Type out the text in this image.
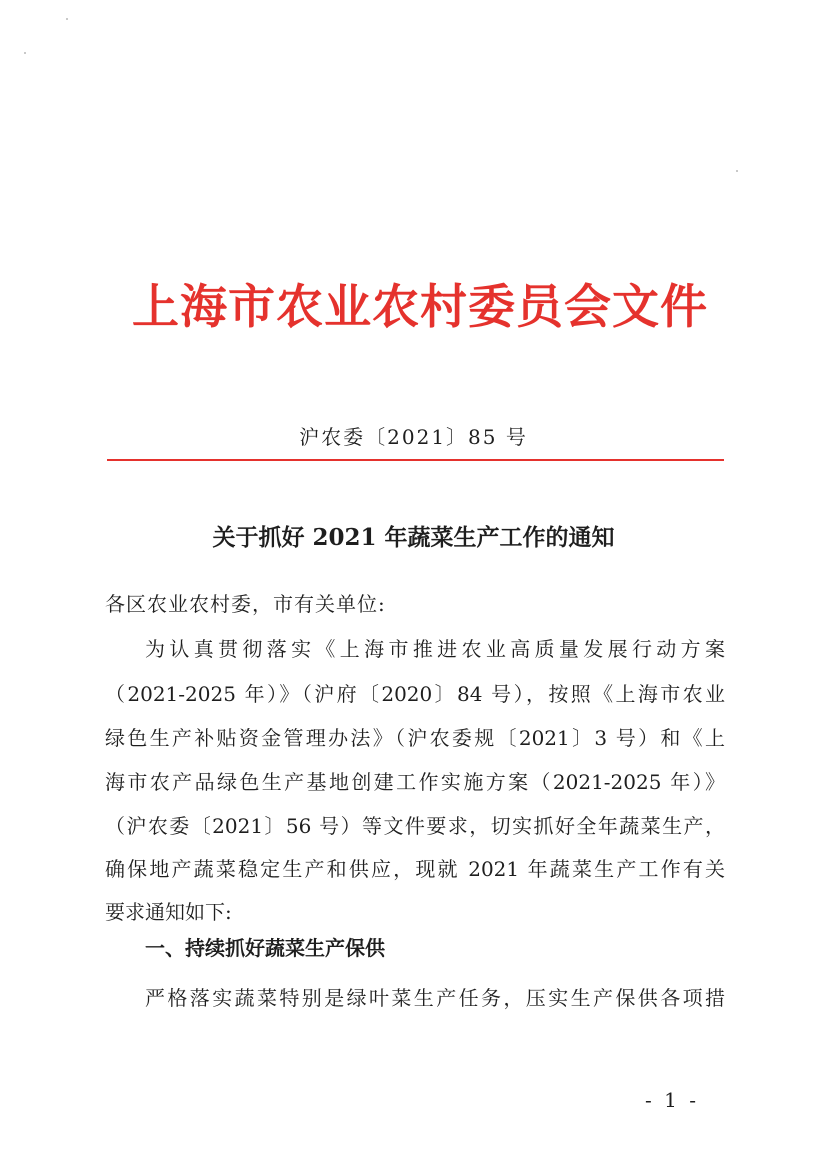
上海市农业农村委员会文件
沪农委〔2021〕85 号
关于抓好 2021 年蔬菜生产工作的通知
各区农业农村委，市有关单位:
为认真贯彻落实《上海市推进农业高质量发展行动方案
（2021-2025 年）》（沪府〔2020〕84 号），按照《上海市农业
绿色生产补贴资金管理办法》（沪农委规〔2021〕3 号）和《上
海市农产品绿色生产基地创建工作实施方案（2021-2025 年）》
（沪农委〔2021〕56 号）等文件要求，切实抓好全年蔬菜生产，
确保地产蔬菜稳定生产和供应，现就 2021 年蔬菜生产工作有关
要求通知如下:
一、持续抓好蔬菜生产保供
严格落实蔬菜特别是绿叶菜生产任务，压实生产保供各项措
- 1 -
